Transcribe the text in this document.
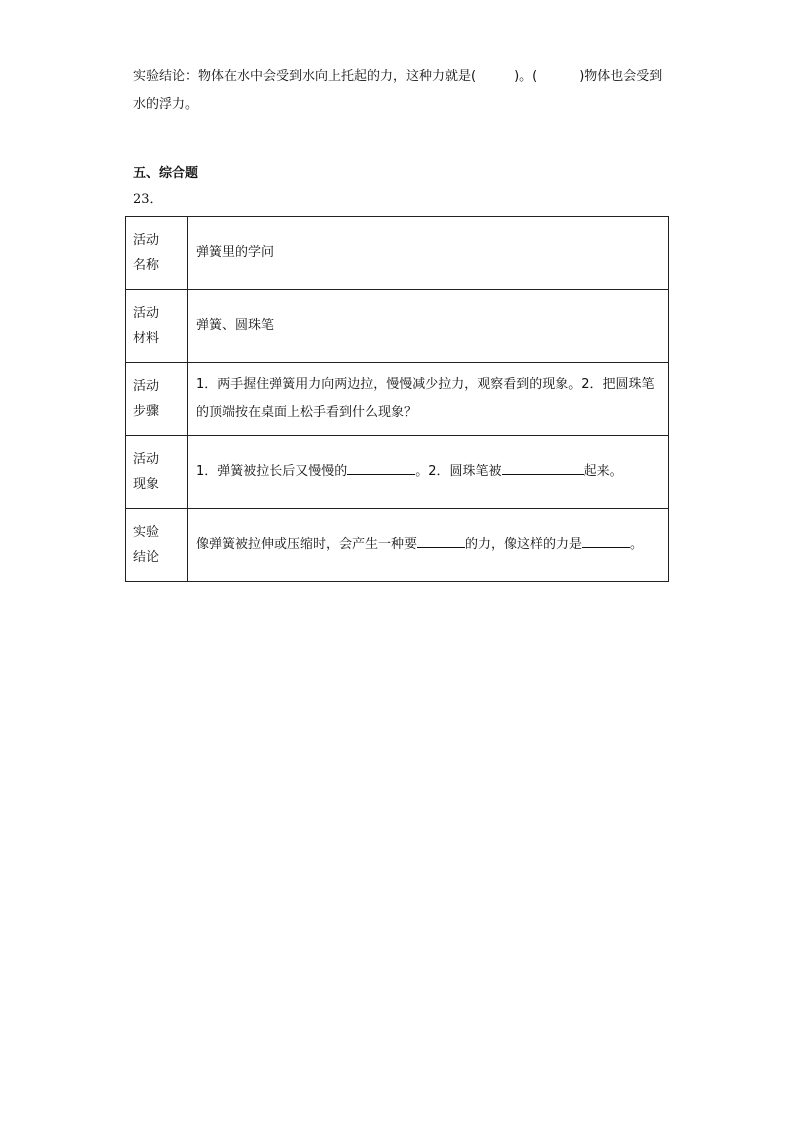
实验结论：物体在水中会受到水向上托起的力，这种力就是(	)。(	)物体也会受到水的浮力。
五、综合题
23．
活动
名称	弹簧里的学问

活动
材料	弹簧、圆珠笔

活动
步骤	1．两手握住弹簧用力向两边拉，慢慢减少拉力，观察看到的现象。2．把圆珠笔的顶端按在桌面上松手看到什么现象？

活动
现象	1．弹簧被拉长后又慢慢的 。2．圆珠笔被 起来。

实验
结论	像弹簧被拉伸或压缩时，会产生一种要 的力，像这样的力是 。
